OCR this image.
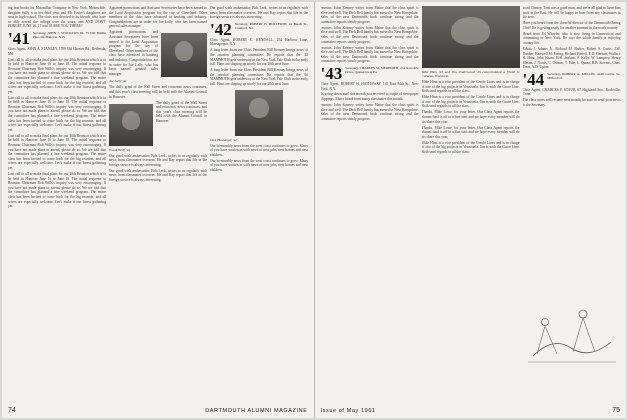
ing text books for Macmillan Company in New York. Meanwhile, daughter Sally is in her third year, and Mr. Foster's daughters are now in high school. The class was devoted to its friends, who have so ably served the college over the years, and AND DON'T FORGET JUNE 16, 17 and 18 ARE YOU THERE?

'41 Secretary, JOHN J. STOCKTON JR. 75 Old Dublin Pike, Dr. Hanover, N.H.

Class Agent, JOHN A. STANLEY, 1700 Old Chester Rd., Bethesda, Md.

Last call to all to make final plans for our 20th Reunion which is to be held in Hanover June 16 to June 18. The initial response to Reunion Chairman Bob Wills's inquiry was very encouraging. If you have not made plans to attend, please do so. We are told that the committee has planned a fine weekend program. The entire class has been invited to come back for the big reunion, and all wives are especially welcome. Let's make it our finest gathering yet.

Last call to all to make final plans for our 20th Reunion which is to be held in Hanover June 16 to June 18. The initial response to Reunion Chairman Bob Wills's inquiry was very encouraging. If you have not made plans to attend, please do so. We are told that the committee has planned a fine weekend program. The entire class has been invited to come back for the big reunion, and all wives are especially welcome. Let's make it our finest gathering yet.

Last call to all to make final plans for our 20th Reunion which is to be held in Hanover June 16 to June 18. The initial response to Reunion Chairman Bob Wills's inquiry was very encouraging. If you have not made plans to attend, please do so. We are told that the committee has planned a fine weekend program. The entire class has been invited to come back for the big reunion, and all wives are especially welcome. Let's make it our finest gathering yet.

Last call to all to make final plans for our 20th Reunion which is to be held in Hanover June 16 to June 18. The initial response to Reunion Chairman Bob Wills's inquiry was very encouraging. If you have not made plans to attend, please do so. We are told that the committee has planned a fine weekend program. The entire class has been invited to come back for the big reunion, and all wives are especially welcome. Let's make it our finest gathering yet.

Apparent promotions and Assistant Secretaries have been named to the Land Acquisition program for the city of Cleveland. Other members of the class have advanced in banking and industry. Congratulations are in order for Joe Lally, who has been named general sales manager.

Apparent promotions and Assistant Secretaries have been named to the Land Acquisition program for the city of Cleveland. Other members of the class have advanced in banking and industry. Congratulations are in order for Joe Lally, who has been named general sales manager.

Joe Lally '41

The daily grind of the Wall Street and economic news continues, and this year's class meeting will be held with the Alumni Council in Hanover.

The daily grind of the Wall Street and economic news continues, and this year's class meeting will be held with the Alumni Council in Hanover.

Frank Wolff '41

Our good wish ambassador, Bob Leek, writes to us regularly with news from classmates overseas. He and Kay report that life in the foreign service is always interesting.

Our good wish ambassador, Bob Leek, writes to us regularly with news from classmates overseas. He and Kay report that life in the foreign service is always interesting.

Our good wish ambassador, Bob Leek, writes to us regularly with news from classmates overseas. He and Kay report that life in the foreign service is always interesting.

'42 Secretary, ROBERT H. HOLLERTH, 44 Beech St., Cranford, N.J.

Class Agent, ROBERT C. KENDALL, 234 Harbour Lane, Massapequa, N.Y.

A long letter from our Class President Bill Kenney brings news of the reunion planning committee. He reports that the '42 MAMMOTH gets underway at the New York Yale Club in the early fall. Plans are shaping up nicely for our 20th next June.

A long letter from our Class President Bill Kenney brings news of the reunion planning committee. He reports that the '42 MAMMOTH gets underway at the New York Yale Club in the early fall. Plans are shaping up nicely for our 20th next June.

Dick Henninger '42

Our bi-monthly news from the west coast continues to grow. Many of you have written in with news of new jobs, new homes and new children.

Our bi-monthly news from the west coast continues to grow. Many of you have written in with news of new jobs, new homes and new children.

74	DARTMOUTH ALUMNI MAGAZINE

reunion. John Kenney writes from Maine that the class spirit is alive and well. The Dick Bell family has moved to New Hampshire. Sales of the new Dartmouth book continue strong and the committee reports steady progress.

reunion. John Kenney writes from Maine that the class spirit is alive and well. The Dick Bell family has moved to New Hampshire. Sales of the new Dartmouth book continue strong and the committee reports steady progress.

reunion. John Kenney writes from Maine that the class spirit is alive and well. The Dick Bell family has moved to New Hampshire. Sales of the new Dartmouth book continue strong and the committee reports steady progress.

'43 Secretary, CHARLES M. MEREDITH, 214 Rosedale Drive, Quakertown, Pa.

Class Agent, ROBERT H. HATHAWAY, 145 East 84th St., New York, N.Y.

In going down mail this month just received a couple of newspaper clippings. I have heard from many classmates this month.

reunion. John Kenney writes from Maine that the class spirit is alive and well. The Dick Bell family has moved to New Hampshire. Sales of the new Dartmouth book continue strong and the committee reports steady progress.

Mike Hinn '43 and Jim Underwood '43 congratulated a friend in Caracas, Venezuela.

Mike Hinn is a vice president of the Creole Lines and is in charge of one of the big projects in Venezuela. Jim is with the Grace Line. Both send regards to all the class.

Mike Hinn is a vice president of the Creole Lines and is in charge of one of the big projects in Venezuela. Jim is with the Grace Line. Both send regards to all the class.

Thanks, Mike Lowe, for your letter. Our Class Agent reports the alumni fund is off to a fine start and we hope every member will do his share this year.

Thanks, Mike Lowe, for your letter. Our Class Agent reports the alumni fund is off to a fine start and we hope every member will do his share this year.

Mike Hinn is a vice president of the Creole Lines and is in charge of one of the big projects in Venezuela. Jim is with the Grace Line. Both send regards to all the class.

ward Cheney. Tom was a good man, and we're all glad to have him back in the East. He will be happy to hear from any classmates in the area.

Have you heard from the cheerful director of the Dartmouth Outing Club? He is getting ready for another summer in the north country.

Heard from Ed Wheeler, who is now living in Connecticut and commuting to New York. He says the whole family is enjoying country life.

Edwin J. Adams Jr., Richard M. Barker, Robert S. Curtis, J.W. Dunbar, Hartwell M. Ewing, Richard Farrell, E.D. Gerhart, Wallace H. Hunt, John Isham, H.H. Jenkins, F. Kelly, W. Lamprey, Henry Mason, J. Norris, C. Osborn, T. Pike, L. Quinn, R.B. Stevens, Chas. Treat, A.D. Upton

'44 Secretary, ROBERT A. MELLIN, 4129 Centre St., Milford, O.

Class Agent, CHARLES F. STAUB, 67 Highland Ave., Rockville, Conn.

The class notes will resume next month; be sure to send your news to the Secretary.

Issue of May 1961	75
